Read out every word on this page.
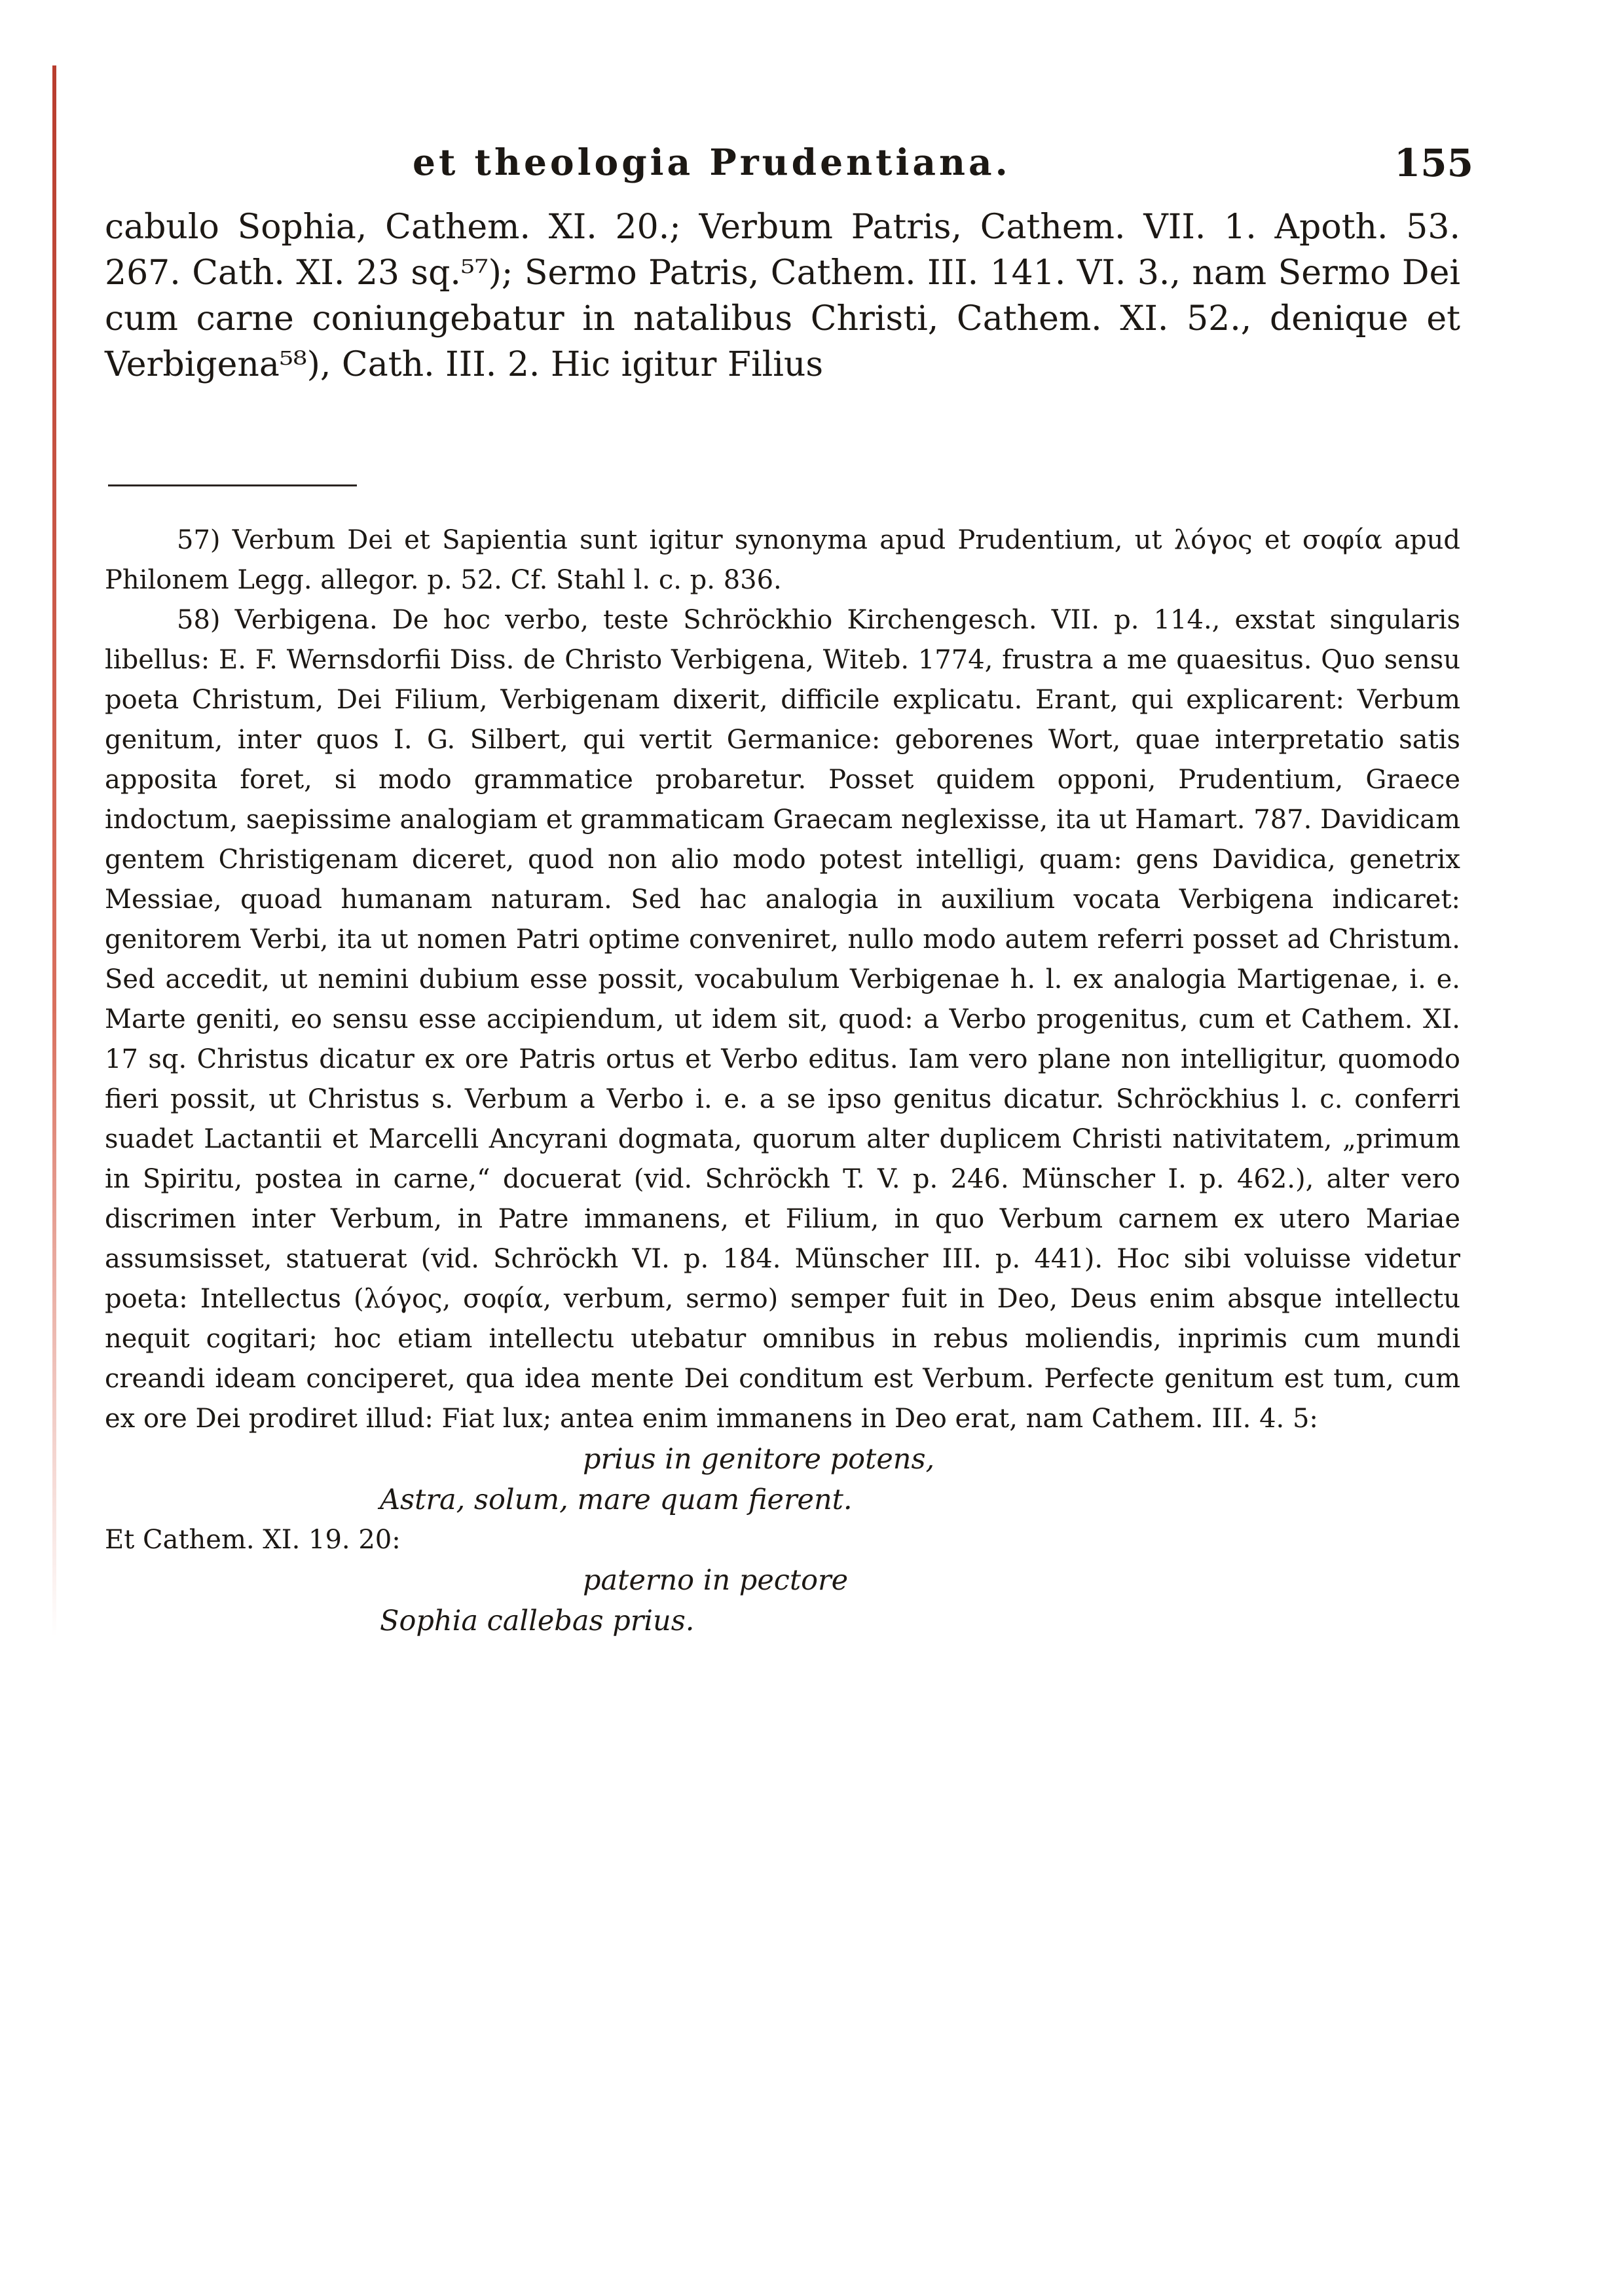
et theologia Prudentiana.	155

cabulo Sophia, Cathem. XI. 20.; Verbum Patris, Cathem. VII. 1. Apoth. 53. 267. Cath. XI. 23 sq.⁵⁷); Sermo Patris, Cathem. III. 141. VI. 3., nam Sermo Dei cum carne coniungebatur in natalibus Christi, Cathem. XI. 52., denique et Verbigena⁵⁸), Cath. III. 2. Hic igitur Filius

57) Verbum Dei et Sapientia sunt igitur synonyma apud Prudentium, ut λόγος et σοφία apud Philonem Legg. allegor. p. 52. Cf. Stahl l. c. p. 836.

58) Verbigena. De hoc verbo, teste Schröckhio Kirchengesch. VII. p. 114., exstat singularis libellus: E. F. Wernsdorfii Diss. de Christo Verbigena, Witeb. 1774, frustra a me quaesitus. Quo sensu poeta Christum, Dei Filium, Verbigenam dixerit, difficile explicatu. Erant, qui explicarent: Verbum genitum, inter quos I. G. Silbert, qui vertit Germanice: geborenes Wort, quae interpretatio satis apposita foret, si modo grammatice probaretur. Posset quidem opponi, Prudentium, Graece indoctum, saepissime analogiam et grammaticam Graecam neglexisse, ita ut Hamart. 787. Davidicam gentem Christigenam diceret, quod non alio modo potest intelligi, quam: gens Davidica, genetrix Messiae, quoad humanam naturam. Sed hac analogia in auxilium vocata Verbigena indicaret: genitorem Verbi, ita ut nomen Patri optime conveniret, nullo modo autem referri posset ad Christum. Sed accedit, ut nemini dubium esse possit, vocabulum Verbigenae h. l. ex analogia Martigenae, i. e. Marte geniti, eo sensu esse accipiendum, ut idem sit, quod: a Verbo progenitus, cum et Cathem. XI. 17 sq. Christus dicatur ex ore Patris ortus et Verbo editus. Iam vero plane non intelligitur, quomodo fieri possit, ut Christus s. Verbum a Verbo i. e. a se ipso genitus dicatur. Schröckhius l. c. conferri suadet Lactantii et Marcelli Ancyrani dogmata, quorum alter duplicem Christi nativitatem, „primum in Spiritu, postea in carne,“ docuerat (vid. Schröckh T. V. p. 246. Münscher I. p. 462.), alter vero discrimen inter Verbum, in Patre immanens, et Filium, in quo Verbum carnem ex utero Mariae assumsisset, statuerat (vid. Schröckh VI. p. 184. Münscher III. p. 441). Hoc sibi voluisse videtur poeta: Intellectus (λόγος, σοφία, verbum, sermo) semper fuit in Deo, Deus enim absque intellectu nequit cogitari; hoc etiam intellectu utebatur omnibus in rebus moliendis, inprimis cum mundi creandi ideam conciperet, qua idea mente Dei conditum est Verbum. Perfecte genitum est tum, cum ex ore Dei prodiret illud: Fiat lux; antea enim immanens in Deo erat, nam Cathem. III. 4. 5:

prius in genitore potens,

Astra, solum, mare quam fierent.

Et Cathem. XI. 19. 20:

paterno in pectore

Sophia callebas prius.
